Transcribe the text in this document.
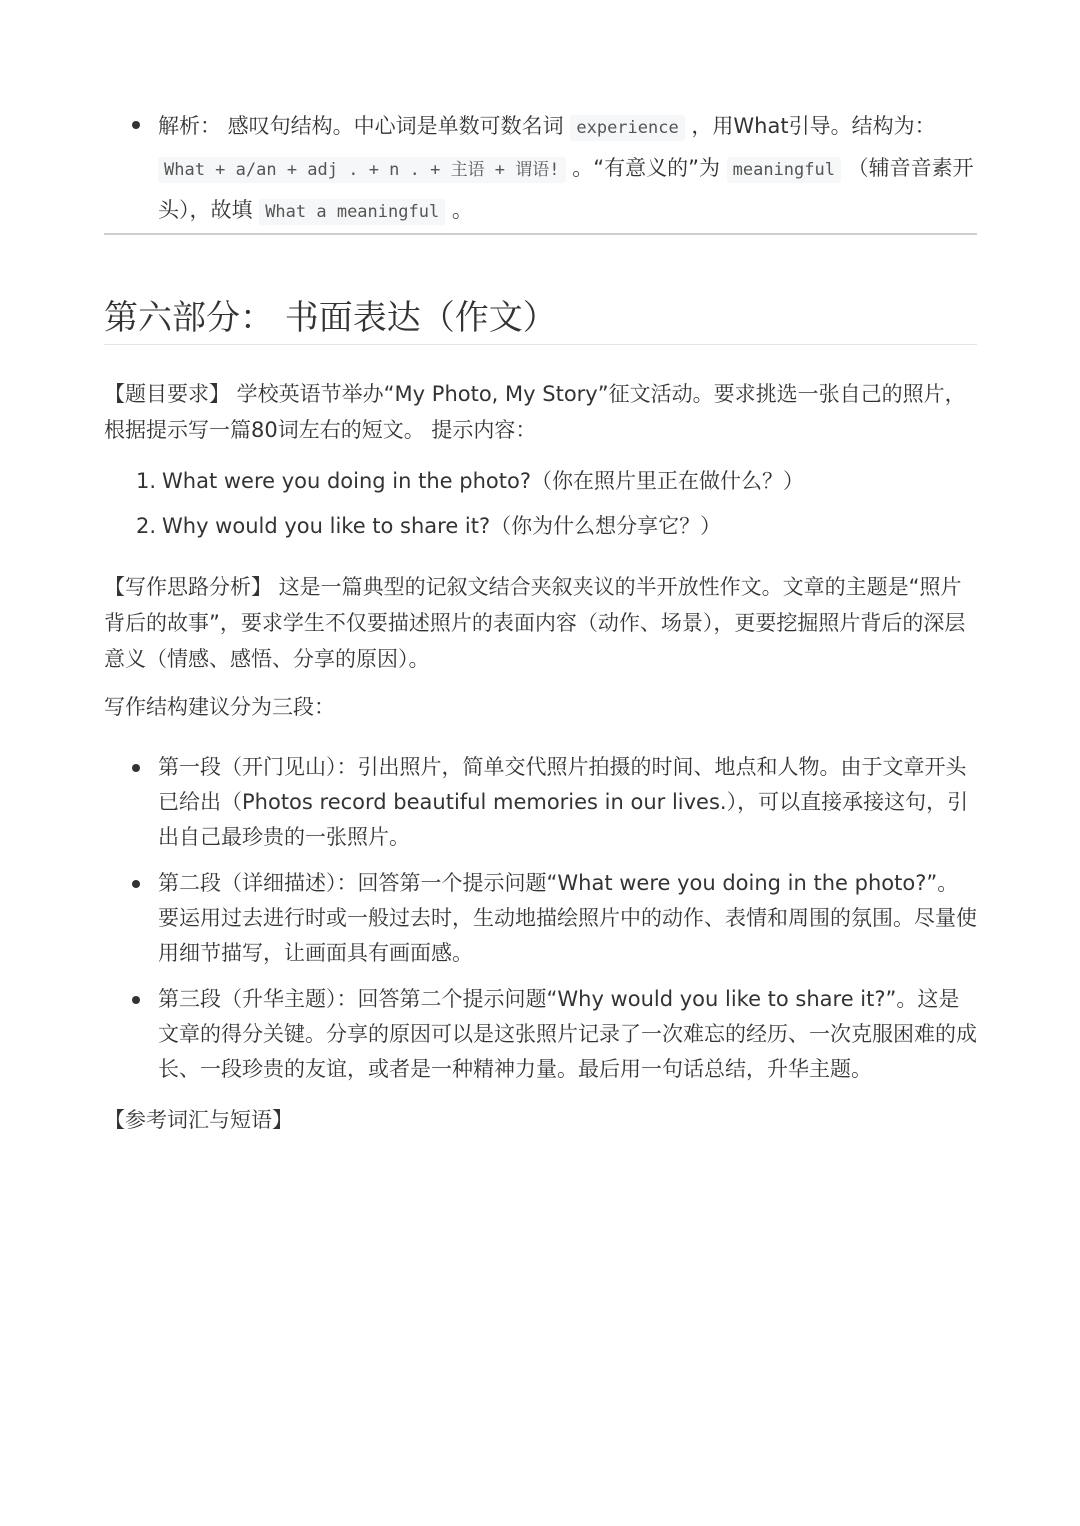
解析： 感叹句结构。中心词是单数可数名词 experience ，用What引导。结构为：What + a/an + adj . + n . + 主语 + 谓语! 。“有意义的”为 meaningful （辅音音素开头），故填 What a meaningful 。
第六部分： 书面表达（作文）

【题目要求】 学校英语节举办“My Photo, My Story”征文活动。要求挑选一张自己的照片，根据提示写一篇80词左右的短文。 提示内容：

1. What were you doing in the photo?（你在照片里正在做什么？）
2. Why would you like to share it?（你为什么想分享它？）

【写作思路分析】 这是一篇典型的记叙文结合夹叙夹议的半开放性作文。文章的主题是“照片背后的故事”，要求学生不仅要描述照片的表面内容（动作、场景），更要挖掘照片背后的深层意义（情感、感悟、分享的原因）。

写作结构建议分为三段：

第一段（开门见山）：引出照片，简单交代照片拍摄的时间、地点和人物。由于文章开头已给出（Photos record beautiful memories in our lives.），可以直接承接这句，引出自己最珍贵的一张照片。
第二段（详细描述）：回答第一个提示问题“What were you doing in the photo?”。要运用过去进行时或一般过去时，生动地描绘照片中的动作、表情和周围的氛围。尽量使用细节描写，让画面具有画面感。
第三段（升华主题）：回答第二个提示问题“Why would you like to share it?”。这是文章的得分关键。分享的原因可以是这张照片记录了一次难忘的经历、一次克服困难的成长、一段珍贵的友谊，或者是一种精神力量。最后用一句话总结，升华主题。

【参考词汇与短语】
